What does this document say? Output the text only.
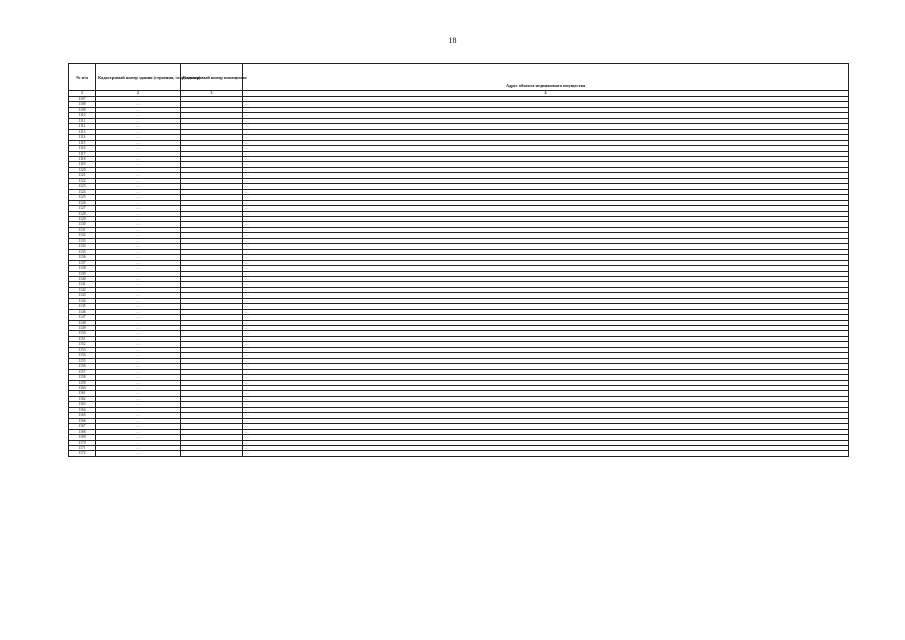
18
№ п/п	Кадастровый номер здания (строения, сооружения)	Кадастровый номер помещения	Адрес объекта недвижимого имущества
1	2	3	4
1107	…		…
1108	…		…
1109	…		…
1110	…		…
1111	…		…
1112	…		…
1113	…		…
1114	…		…
1115	…		…
1116	…		…
1117	…		…
1118	…		…
1119	…		…
1120	…		…
1121	…		…
1122	…		…
1123	…		…
1124	…		…
1125	…		…
1126	…		…
1127	…		…
1128	…		…
1129	…		…
1130	…		…
1131	…		…
1132	…		…
1133	…		…
1134	…		…
1135	…		…
1136	…		…
1137	…		…
1138	…		…
1139	…		…
1140	…		…
1141	…		…
1142	…		…
1143	…		…
1144	…		…
1145	…		…
1146	…		…
1147	…		…
1148	…		…
1149	…		…
1150	…		…
1151	…		…
1152	…		…
1153	…		…
1154	…		…
1155	…		…
1156	…		…
1157	…		…
1158	…		…
1159	…		…
1160	…		…
1161	…		…
1162	…		…
1163	…		…
1164	…		…
1165	…		…
1166	…		…
1167	…		…
1168	…		…
1169	…		…
1170	…		…
1171	…		…
1172	…		…
